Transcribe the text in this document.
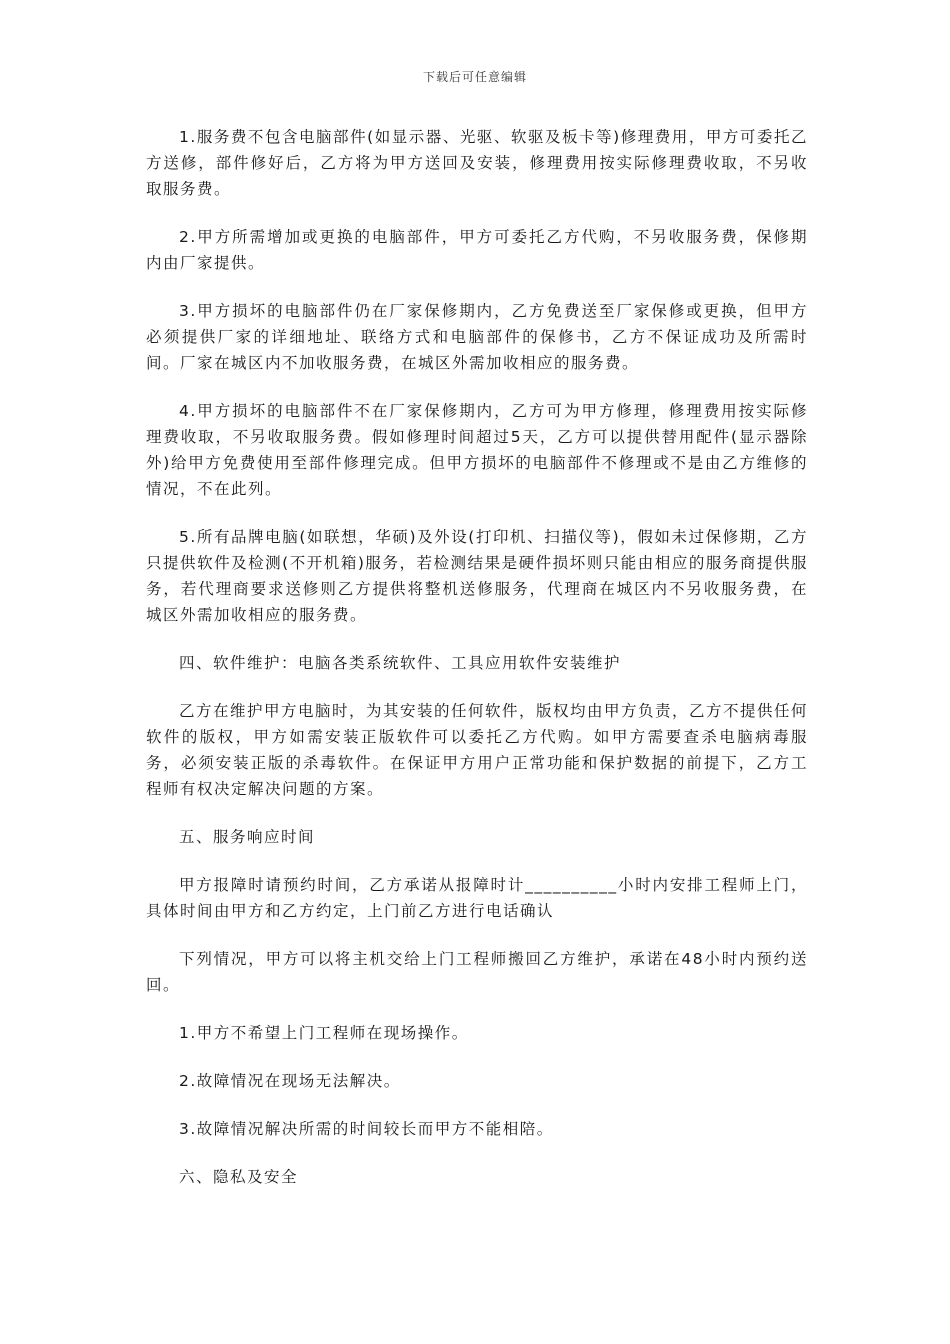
下载后可任意编辑

1.服务费不包含电脑部件(如显示器、光驱、软驱及板卡等)修理费用，甲方可委托乙方送修，部件修好后，乙方将为甲方送回及安装，修理费用按实际修理费收取，不另收取服务费。

2.甲方所需增加或更换的电脑部件，甲方可委托乙方代购，不另收服务费，保修期内由厂家提供。

3.甲方损坏的电脑部件仍在厂家保修期内，乙方免费送至厂家保修或更换，但甲方必须提供厂家的详细地址、联络方式和电脑部件的保修书，乙方不保证成功及所需时间。厂家在城区内不加收服务费，在城区外需加收相应的服务费。

4.甲方损坏的电脑部件不在厂家保修期内，乙方可为甲方修理，修理费用按实际修理费收取，不另收取服务费。假如修理时间超过5天，乙方可以提供替用配件(显示器除外)给甲方免费使用至部件修理完成。但甲方损坏的电脑部件不修理或不是由乙方维修的情况，不在此列。

5.所有品牌电脑(如联想，华硕)及外设(打印机、扫描仪等)，假如未过保修期，乙方只提供软件及检测(不开机箱)服务，若检测结果是硬件损坏则只能由相应的服务商提供服务，若代理商要求送修则乙方提供将整机送修服务，代理商在城区内不另收服务费，在城区外需加收相应的服务费。

四、软件维护：电脑各类系统软件、工具应用软件安装维护

乙方在维护甲方电脑时，为其安装的任何软件，版权均由甲方负责，乙方不提供任何软件的版权，甲方如需安装正版软件可以委托乙方代购。如甲方需要查杀电脑病毒服务，必须安装正版的杀毒软件。在保证甲方用户正常功能和保护数据的前提下，乙方工程师有权决定解决问题的方案。

五、服务响应时间

甲方报障时请预约时间，乙方承诺从报障时计__________小时内安排工程师上门，具体时间由甲方和乙方约定，上门前乙方进行电话确认

下列情况，甲方可以将主机交给上门工程师搬回乙方维护，承诺在48小时内预约送回。

1.甲方不希望上门工程师在现场操作。

2.故障情况在现场无法解决。

3.故障情况解决所需的时间较长而甲方不能相陪。

六、隐私及安全
